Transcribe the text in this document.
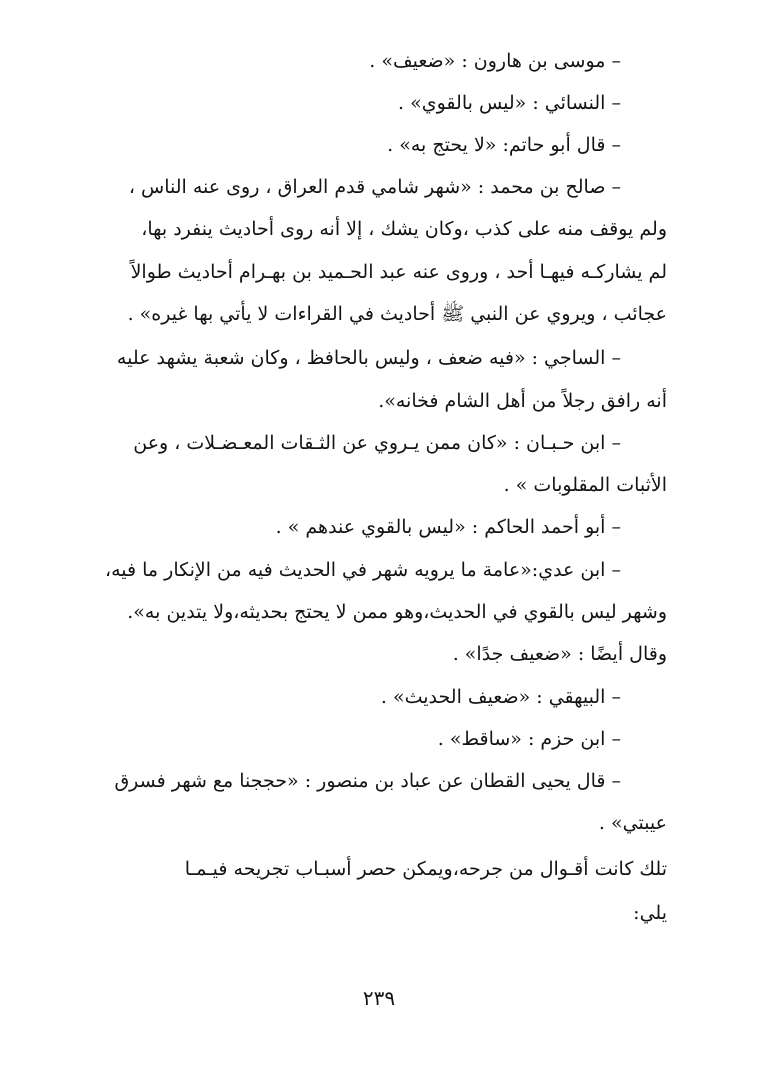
– موسى بن هارون : «ضعيف» .
– النسائي : «ليس بالقوي» .
– قال أبو حاتم: «لا يحتج به» .
– صالح بن محمد : «شهر شامي قدم العراق ، روى عنه الناس ،
ولم يوقف منه على كذب ،وكان يشك ، إلا أنه روى أحاديث ينفرد بها،
لم يشاركـه فيهـا أحد ، وروى عنه عبد الحـميد بن بهـرام أحاديث طوالاً
عجائب ، ويروي عن النبي ﷺ أحاديث في القراءات لا يأتي بها غيره» .
– الساجي : «فيه ضعف ، وليس بالحافظ ، وكان شعبة يشهد عليه
أنه رافق رجلاً من أهل الشام فخانه».
– ابن حـبـان : «كان ممن يـروي عن الثـقات المعـضـلات ، وعن
الأثبات المقلوبات » .
– أبو أحمد الحاكم : «ليس بالقوي عندهم » .
– ابن عدي:«عامة ما يرويه شهر في الحديث فيه من الإنكار ما فيه،
وشهر ليس بالقوي في الحديث،وهو ممن لا يحتج بحديثه،ولا يتدين به».
وقال أيضًا : «ضعيف جدًا» .
– البيهقي : «ضعيف الحديث» .
– ابن حزم : «ساقط» .
– قال يحيى القطان عن عباد بن منصور : «حججنا مع شهر فسرق
عيبتي» .
تلك كانت أقـوال من جرحه،ويمكن حصر أسبـاب تجريحه فيـمـا
يلي:
٢٣٩
